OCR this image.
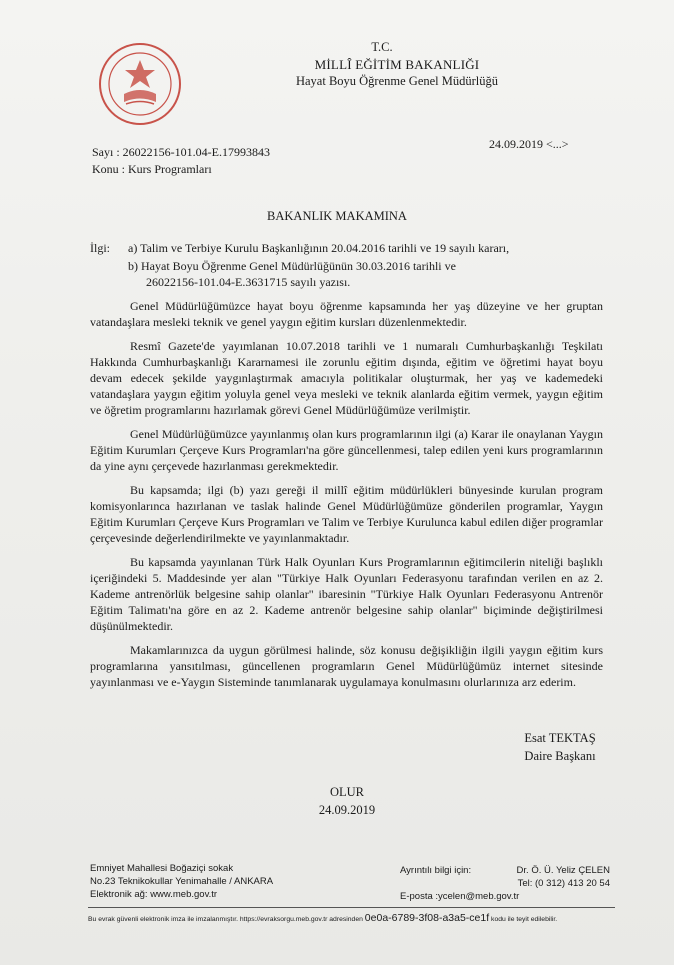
T.C.
MİLLÎ EĞİTİM BAKANLIĞI
Hayat Boyu Öğrenme Genel Müdürlüğü
24.09.2019 <...>
Sayı : 26022156-101.04-E.17993843
Konu : Kurs Programları
BAKANLIK MAKAMINA
İlgi: a) Talim ve Terbiye Kurulu Başkanlığının 20.04.2016 tarihli ve 19 sayılı kararı,
b) Hayat Boyu Öğrenme Genel Müdürlüğünün 30.03.2016 tarihli ve
26022156-101.04-E.3631715 sayılı yazısı.

Genel Müdürlüğümüzce hayat boyu öğrenme kapsamında her yaş düzeyine ve her gruptan vatandaşlara mesleki teknik ve genel yaygın eğitim kursları düzenlenmektedir.

Resmî Gazete'de yayımlanan 10.07.2018 tarihli ve 1 numaralı Cumhurbaşkanlığı Teşkilatı Hakkında Cumhurbaşkanlığı Kararnamesi ile zorunlu eğitim dışında, eğitim ve öğretimi hayat boyu devam edecek şekilde yaygınlaştırmak amacıyla politikalar oluşturmak, her yaş ve kademedeki vatandaşlara yaygın eğitim yoluyla genel veya mesleki ve teknik alanlarda eğitim vermek, yaygın eğitim ve öğretim programlarını hazırlamak görevi Genel Müdürlüğümüze verilmiştir.

Genel Müdürlüğümüzce yayınlanmış olan kurs programlarının ilgi (a) Karar ile onaylanan Yaygın Eğitim Kurumları Çerçeve Kurs Programları'na göre güncellenmesi, talep edilen yeni kurs programlarının da yine aynı çerçevede hazırlanması gerekmektedir.

Bu kapsamda; ilgi (b) yazı gereği il millî eğitim müdürlükleri bünyesinde kurulan program komisyonlarınca hazırlanan ve taslak halinde Genel Müdürlüğümüze gönderilen programlar, Yaygın Eğitim Kurumları Çerçeve Kurs Programları ve Talim ve Terbiye Kurulunca kabul edilen diğer programlar çerçevesinde değerlendirilmekte ve yayınlanmaktadır.

Bu kapsamda yayınlanan Türk Halk Oyunları Kurs Programlarının eğitimcilerin niteliği başlıklı içeriğindeki 5. Maddesinde yer alan "Türkiye Halk Oyunları Federasyonu tarafından verilen en az 2. Kademe antrenörlük belgesine sahip olanlar" ibaresinin "Türkiye Halk Oyunları Federasyonu Antrenör Eğitim Talimatı'na göre en az 2. Kademe antrenör belgesine sahip olanlar" biçiminde değiştirilmesi düşünülmektedir.

Makamlarınızca da uygun görülmesi halinde, söz konusu değişikliğin ilgili yaygın eğitim kurs programlarına yansıtılması, güncellenen programların Genel Müdürlüğümüz internet sitesinde yayınlanması ve e-Yaygın Sisteminde tanımlanarak uygulamaya konulmasını olurlarınıza arz ederim.

Esat TEKTAŞ
Daire Başkanı
OLUR
24.09.2019
Emniyet Mahallesi Boğaziçi sokak
No.23 Teknikokullar Yenimahalle / ANKARA
Elektronik ağ: www.meb.gov.tr
Ayrıntılı bilgi için:	Dr. Ö. Ü. Yeliz ÇELEN
Tel: (0 312) 413 20 54
E-posta :ycelen@meb.gov.tr
Bu evrak güvenli elektronik imza ile imzalanmıştır. https://evraksorgu.meb.gov.tr adresinden 0e0a-6789-3f08-a3a5-ce1f kodu ile teyit edilebilir.
